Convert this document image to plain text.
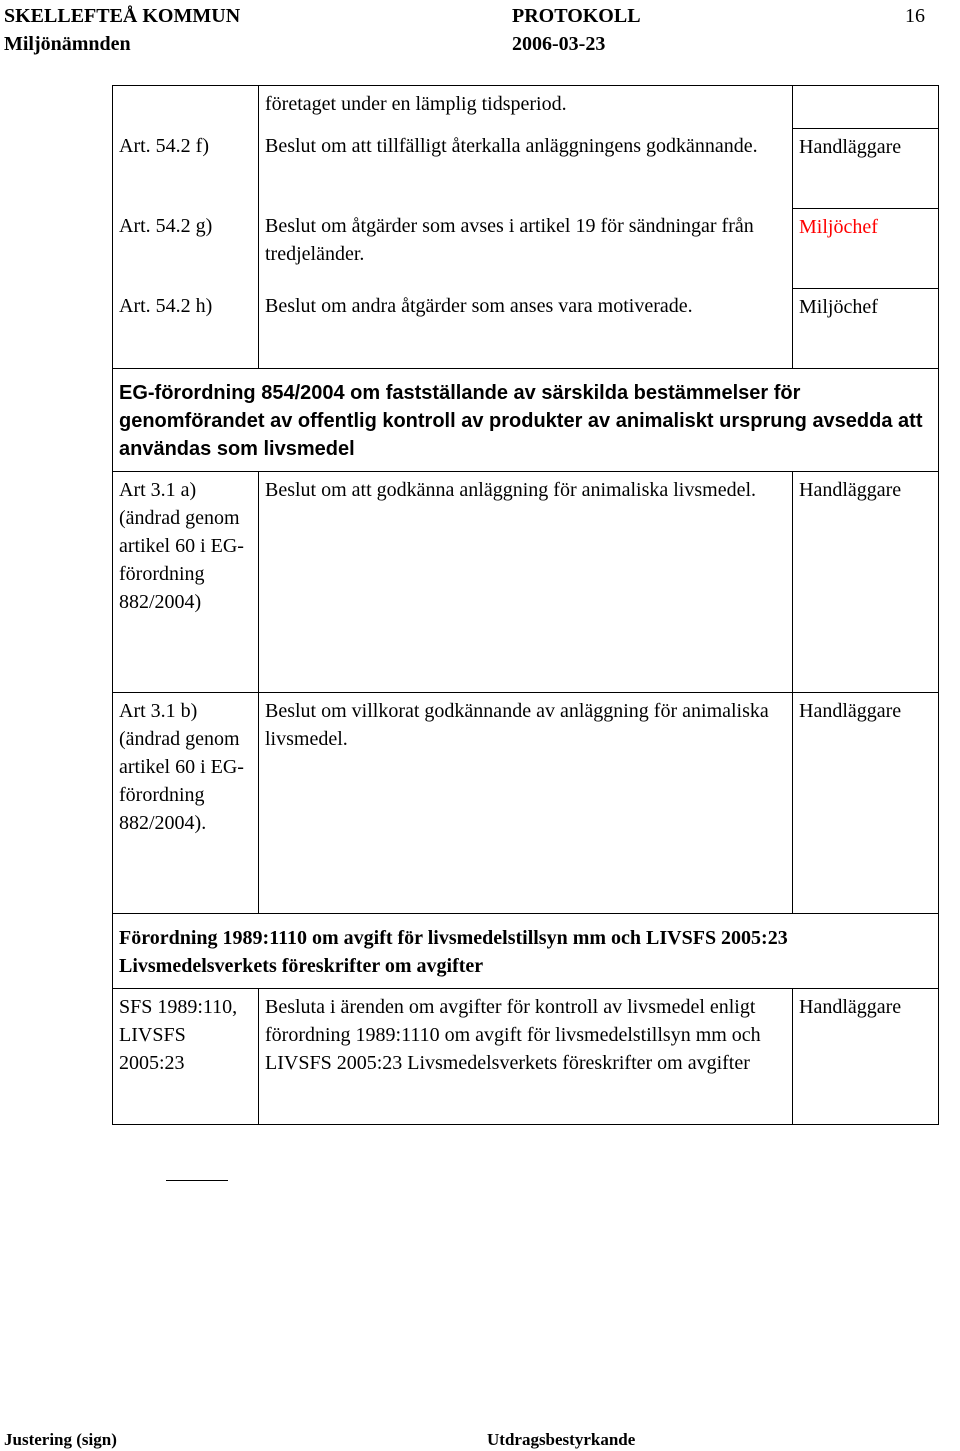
SKELLEFTEÅ KOMMUN	PROTOKOLL	16
Miljönämnden	2006-03-23
	företaget under en lämplig tidsperiod.	
Art. 54.2 f)	Beslut om att tillfälligt återkalla anläggningens godkännande.	Handläggare
Art. 54.2 g)	Beslut om åtgärder som avses i artikel 19 för sändningar från tredjeländer.	Miljöchef
Art. 54.2 h)	Beslut om andra åtgärder som anses vara motiverade.	Miljöchef
EG-förordning 854/2004 om fastställande av särskilda bestämmelser för genomförandet av offentlig kontroll av produkter av animaliskt ursprung avsedda att användas som livsmedel		
Art 3.1 a) (ändrad genom artikel 60 i EG-förordning 882/2004)	Beslut om att godkänna anläggning för animaliska livsmedel.	Handläggare
Art 3.1 b) (ändrad genom artikel 60 i EG-förordning 882/2004).	Beslut om villkorat godkännande av anläggning för animaliska livsmedel.	Handläggare
Förordning 1989:1110 om avgift för livsmedelstillsyn mm och LIVSFS 2005:23 Livsmedelsverkets föreskrifter om avgifter		
SFS 1989:110, LIVSFS 2005:23	Besluta i ärenden om avgifter för kontroll av livsmedel enligt förordning 1989:1110 om avgift för livsmedelstillsyn mm och LIVSFS 2005:23 Livsmedelsverkets föreskrifter om avgifter	Handläggare
Justering (sign)	Utdragsbestyrkande
